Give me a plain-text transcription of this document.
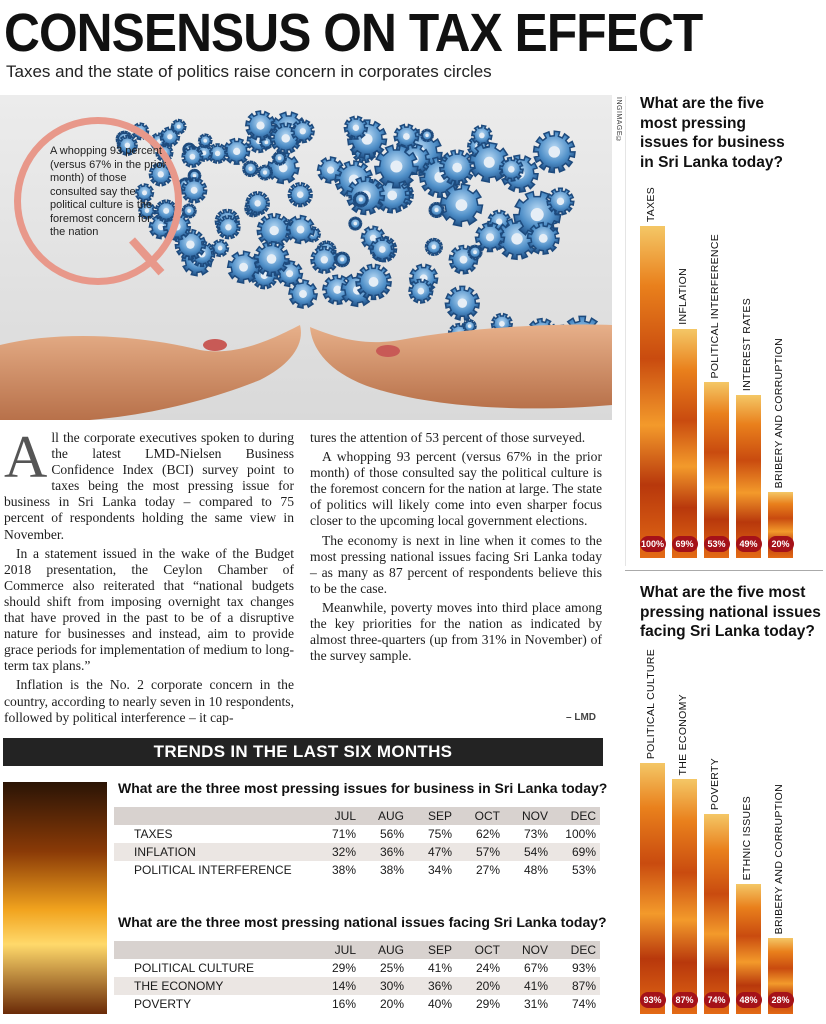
CONSENSUS ON TAX EFFECT
Taxes and the state of politics raise concern in corporates circles
INGIMAGE©
A whopping 93 percent (versus 67% in the prior month) of those consulted say the political culture is the foremost concern for the nation

All the corporate executives spoken to during the latest LMD-Nielsen Business Confidence Index (BCI) survey point to taxes being the most pressing issue for business in Sri Lanka today – compared to 75 percent of respondents holding the same view in November.

In a statement issued in the wake of the Budget 2018 presentation, the Ceylon Chamber of Commerce also reiterated that “national budgets should shift from imposing overnight tax changes that have proved in the past to be of a disruptive nature for businesses and instead, aim to provide grace periods for implementation of medium to long-term tax plans.”

Inflation is the No. 2 corporate concern in the country, according to nearly seven in 10 respondents, followed by political interference – it cap-

tures the attention of 53 percent of those surveyed.

A whopping 93 percent (versus 67% in the prior month) of those consulted say the political culture is the foremost concern for the nation at large. The state of politics will likely come into even sharper focus closer to the upcoming local government elections.

The economy is next in line when it comes to the most pressing national issues facing Sri Lanka today – as many as 87 percent of respondents believe this to be the case.

Meanwhile, poverty moves into third place among the key priorities for the nation as indicated by almost three-quarters (up from 31% in November) of the survey sample.

– LMD
TRENDS IN THE LAST SIX MONTHS
What are the three most pressing issues for business in Sri Lanka today?
JUL	AUG	SEP	OCT	NOV	DEC
TAXES	71%	56%	75%	62%	73%	100%
INFLATION	32%	36%	47%	57%	54%	69%
POLITICAL INTERFERENCE	38%	38%	34%	27%	48%	53%
What are the three most pressing national issues facing Sri Lanka today?
JUL	AUG	SEP	OCT	NOV	DEC
POLITICAL CULTURE	29%	25%	41%	24%	67%	93%
THE ECONOMY	14%	30%	36%	20%	41%	87%
POVERTY	16%	20%	40%	29%	31%	74%
What are the five most pressing issues for business in Sri Lanka today?
What are the five most pressing national issues facing Sri Lanka today?
TAXES
100%
INFLATION
69%
POLITICAL INTERFERENCE
53%
INTEREST RATES
49%
BRIBERY AND CORRUPTION
20%
POLITICAL CULTURE
93%
THE ECONOMY
87%
POVERTY
74%
ETHNIC ISSUES
48%
BRIBERY AND CORRUPTION
28%
